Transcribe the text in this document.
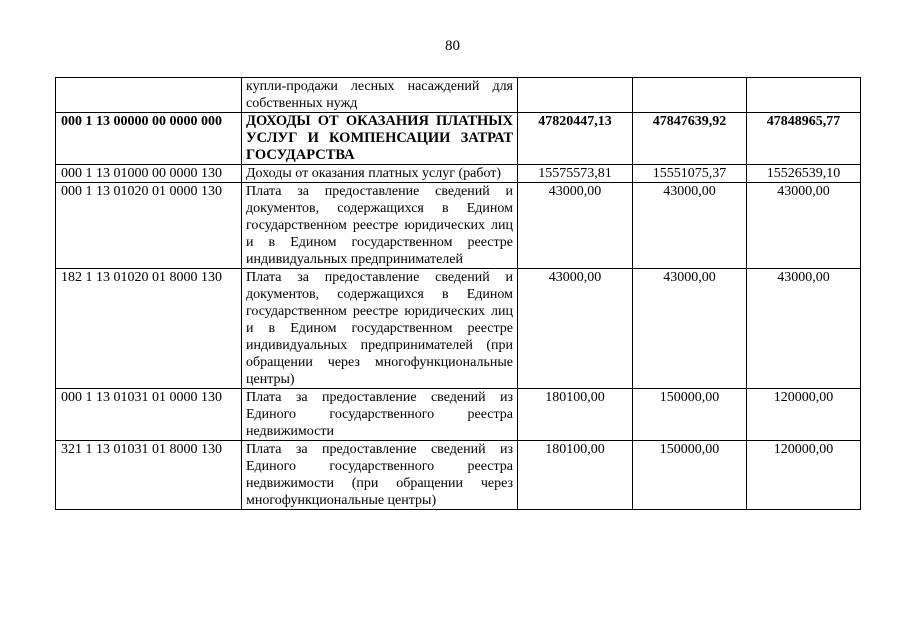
80
	купли-продажи лесных насаждений для собственных нужд			
000 1 13 00000 00 0000 000	ДОХОДЫ ОТ ОКАЗАНИЯ ПЛАТНЫХ УСЛУГ И КОМПЕНСАЦИИ ЗАТРАТ ГОСУДАРСТВА	47820447,13	47847639,92	47848965,77
000 1 13 01000 00 0000 130	Доходы от оказания платных услуг (работ)	15575573,81	15551075,37	15526539,10
000 1 13 01020 01 0000 130	Плата за предоставление сведений и документов, содержащихся в Едином государственном реестре юридических лиц и в Едином государственном реестре индивидуальных предпринимателей	43000,00	43000,00	43000,00
182 1 13 01020 01 8000 130	Плата за предоставление сведений и документов, содержащихся в Едином государственном реестре юридических лиц и в Едином государственном реестре индивидуальных предпринимателей (при обращении через многофункциональные центры)	43000,00	43000,00	43000,00
000 1 13 01031 01 0000 130	Плата за предоставление сведений из Единого государственного реестра недвижимости	180100,00	150000,00	120000,00
321 1 13 01031 01 8000 130	Плата за предоставление сведений из Единого государственного реестра недвижимости (при обращении через многофункциональные центры)	180100,00	150000,00	120000,00
